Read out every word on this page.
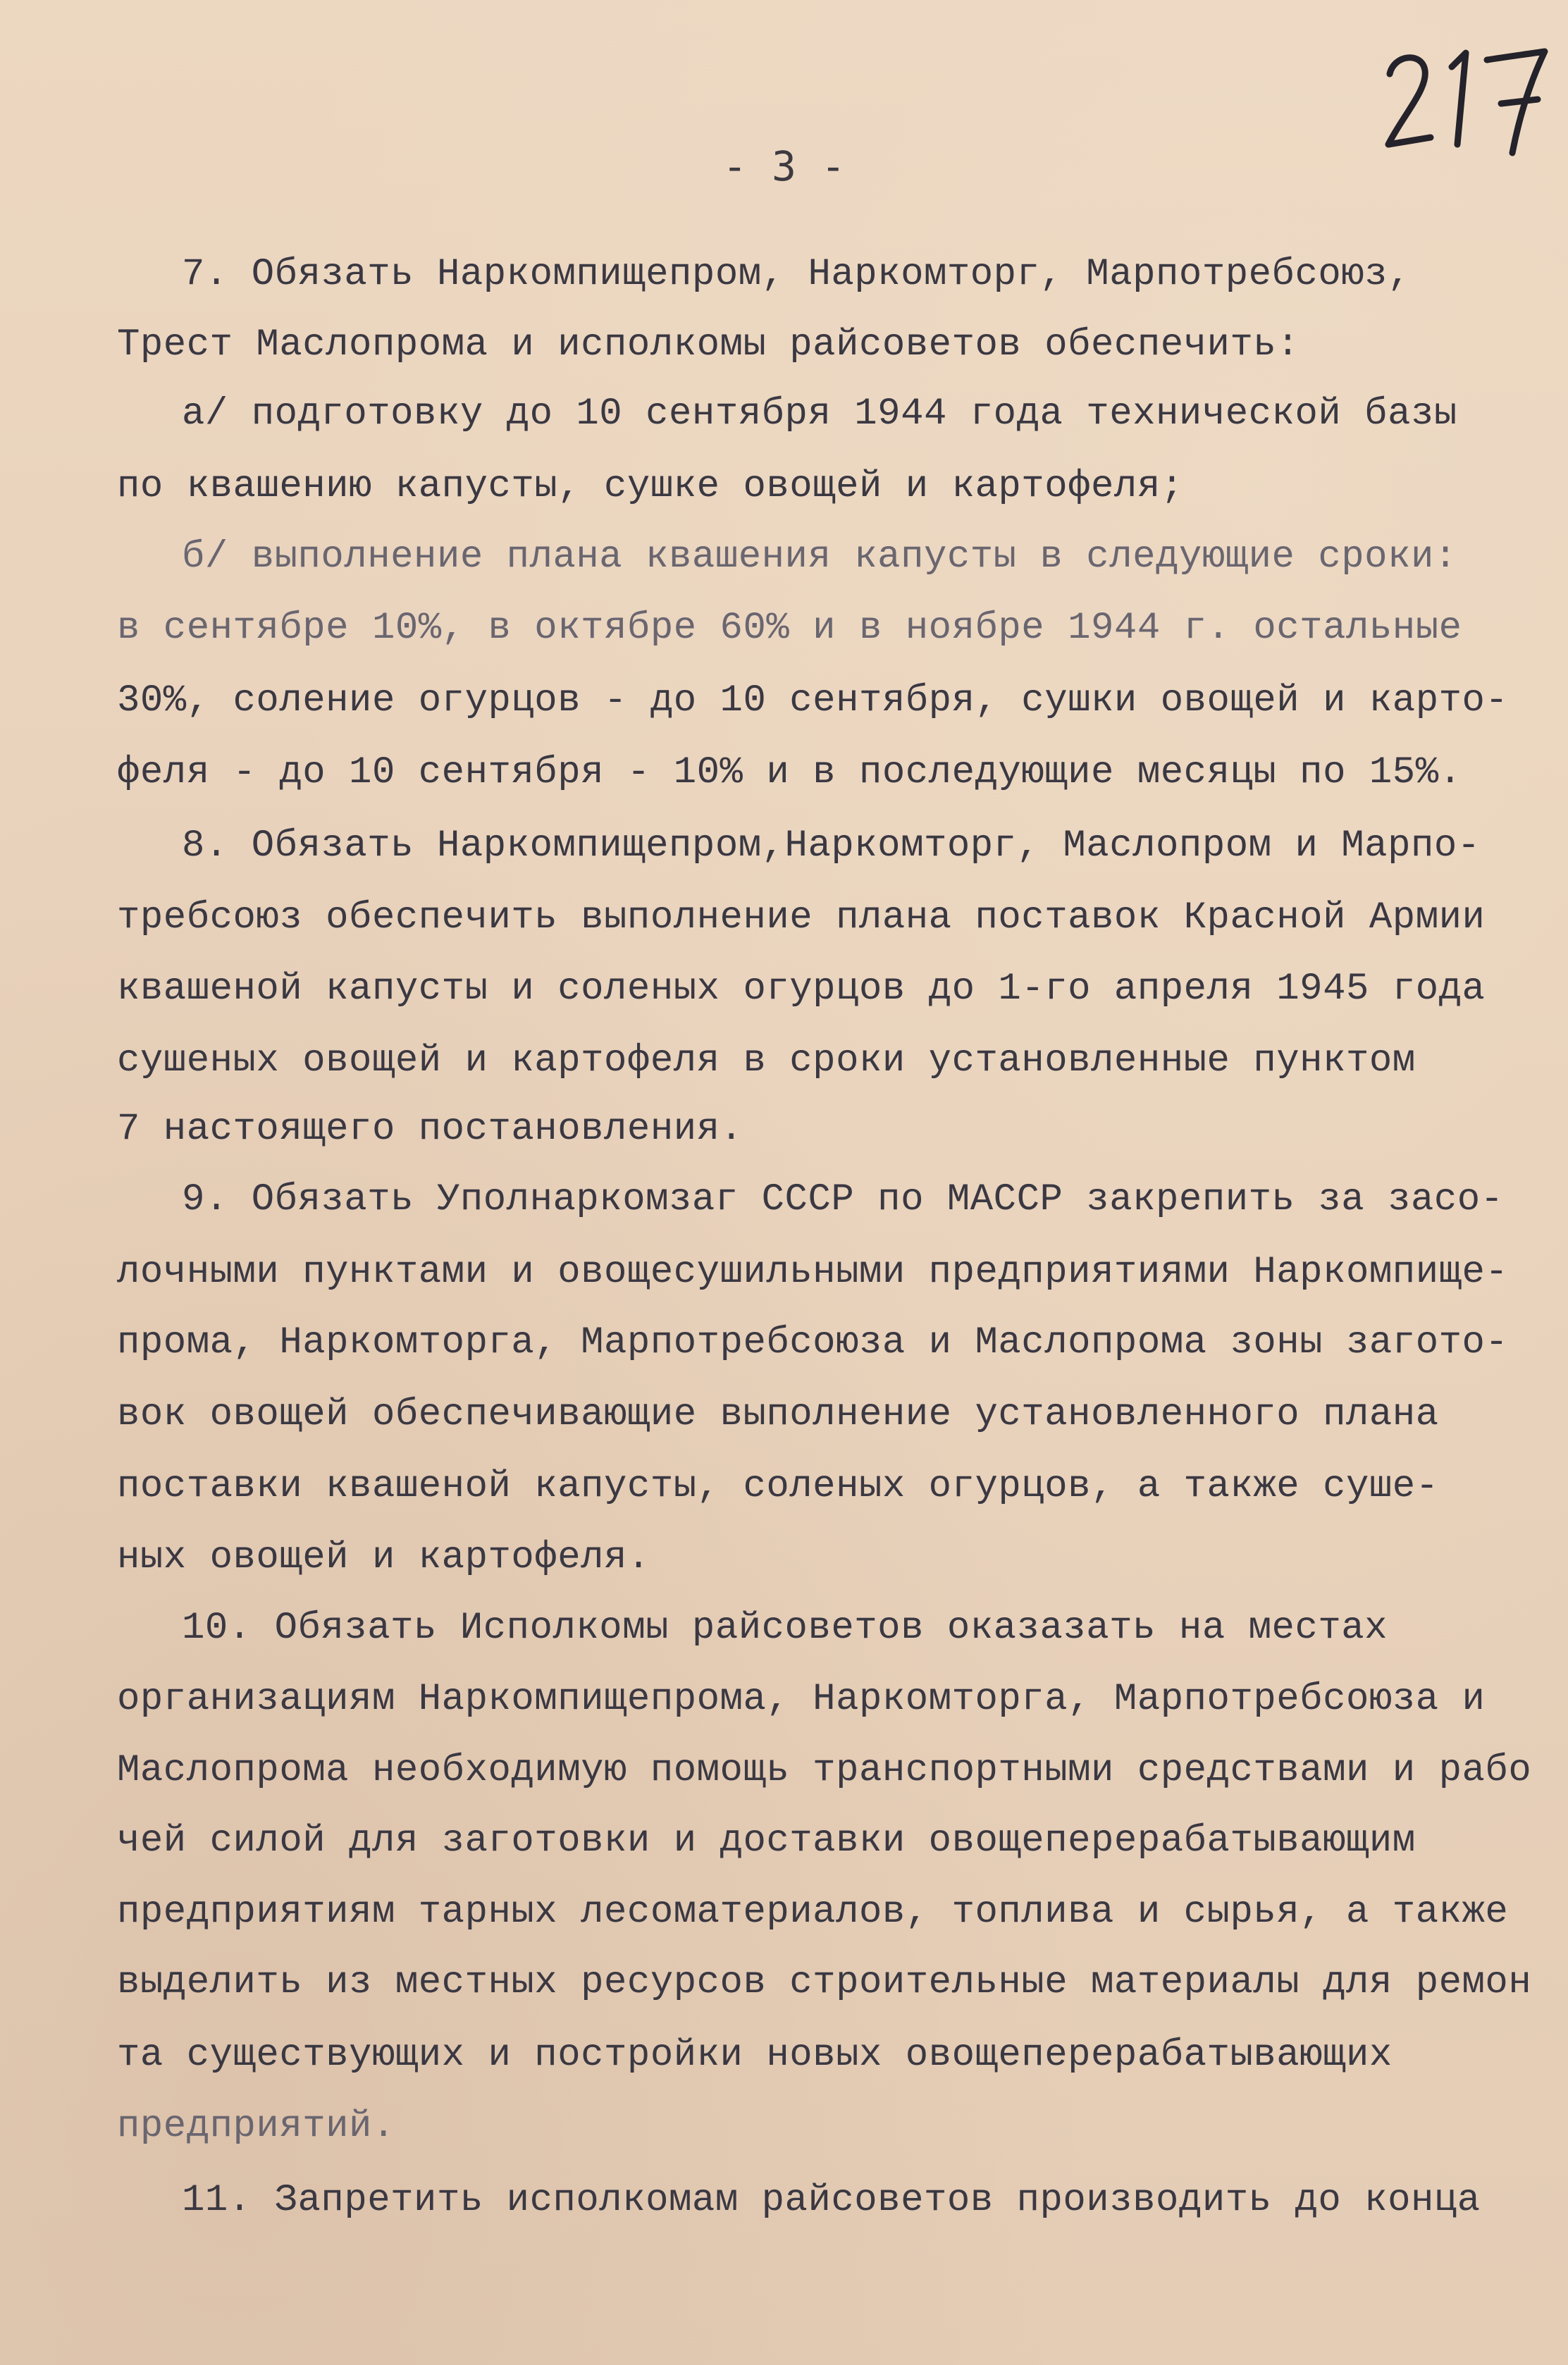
- 3 -

7. Обязать Наркомпищепром, Наркомторг, Марпотребсоюз,

Трест Маслопрома и исполкомы райсоветов обеспечить:

а/ подготовку до 10 сентября 1944 года технической базы

по квашению капусты, сушке овощей и картофеля;

б/ выполнение плана квашения капусты в следующие сроки:

в сентябре 10%, в октябре 60% и в ноябре 1944 г. остальные

30%, соление огурцов - до 10 сентября, сушки овощей и карто-

феля - до 10 сентября - 10% и в последующие месяцы по 15%.

8. Обязать Наркомпищепром,Наркомторг, Маслопром и Марпо-

требсоюз обеспечить выполнение плана поставок Красной Армии

квашеной капусты и соленых огурцов до 1-го апреля 1945 года

сушеных овощей и картофеля в сроки установленные пунктом

7 настоящего постановления.

9. Обязать Уполнаркомзаг СССР по МАССР закрепить за засо-

лочными пунктами и овощесушильными предприятиями Наркомпище-

прома, Наркомторга, Марпотребсоюза и Маслопрома зоны загото-

вок овощей обеспечивающие выполнение установленного плана

поставки квашеной капусты, соленых огурцов, а также суше-

ных овощей и картофеля.

10. Обязать Исполкомы райсоветов оказазать на местах

организациям Наркомпищепрома, Наркомторга, Марпотребсоюза и

Маслопрома необходимую помощь транспортными средствами и рабо

чей силой для заготовки и доставки овощеперерабатывающим

предприятиям тарных лесоматериалов, топлива и сырья, а также

выделить из местных ресурсов строительные материалы для ремон

та существующих и постройки новых овощеперерабатывающих

предприятий.

11. Запретить исполкомам райсоветов производить до конца
